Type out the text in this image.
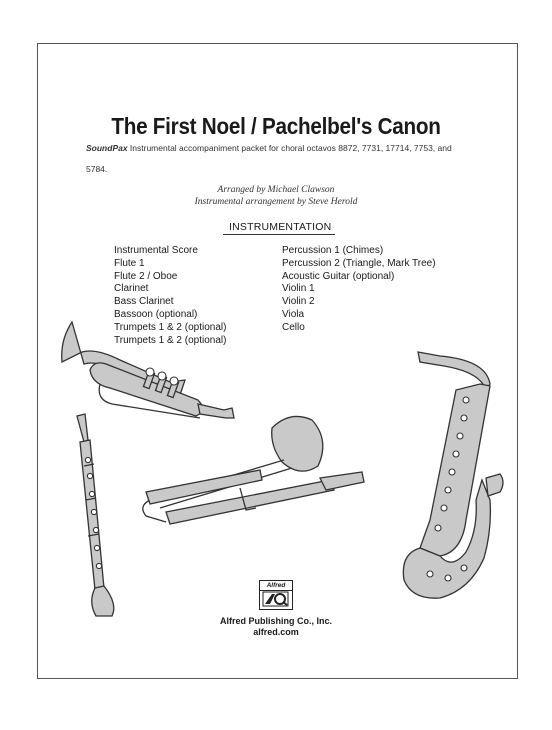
The First Noel / Pachelbel's Canon
SoundPax Instrumental accompaniment packet for choral octavos 8872, 7731, 17714, 7753, and
5784.
Arranged by Michael Clawson
Instrumental arrangement by Steve Herold
INSTRUMENTATION
Instrumental Score
Flute 1
Flute 2 / Oboe
Clarinet
Bass Clarinet
Bassoon (optional)
Trumpets 1 & 2 (optional)
Trumpets 1 & 2 (optional)
Percussion 1 (Chimes)
Percussion 2 (Triangle, Mark Tree)
Acoustic Guitar (optional)
Violin 1
Violin 2
Viola
Cello
Alfred
Alfred Publishing Co., Inc.
alfred.com
